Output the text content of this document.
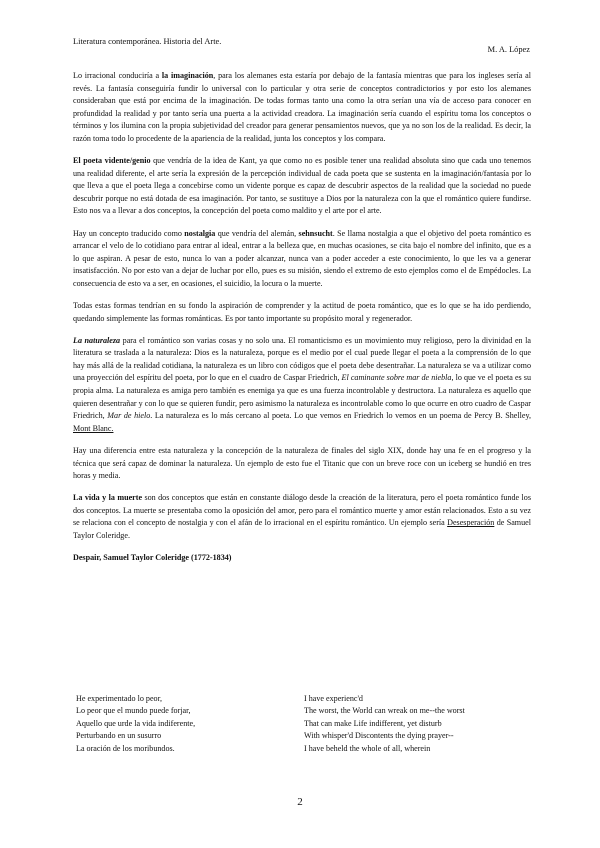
Literatura contemporánea. Historia del Arte.
M. A. López

Lo irracional conduciría a la imaginación, para los alemanes esta estaría por debajo de la fantasía mientras que para los ingleses sería al revés. La fantasía conseguiría fundir lo universal con lo particular y otra serie de conceptos contradictorios y por esto los alemanes consideraban que está por encima de la imaginación. De todas formas tanto una como la otra serían una vía de acceso para conocer en profundidad la realidad y por tanto sería una puerta a la actividad creadora. La imaginación sería cuando el espíritu toma los conceptos o términos y los ilumina con la propia subjetividad del creador para generar pensamientos nuevos, que ya no son los de la realidad. Es decir, la razón toma todo lo procedente de la apariencia de la realidad, junta los conceptos y los compara.

El poeta vidente/genio que vendría de la idea de Kant, ya que como no es posible tener una realidad absoluta sino que cada uno tenemos una realidad diferente, el arte sería la expresión de la percepción individual de cada poeta que se sustenta en la imaginación/fantasía por lo que lleva a que el poeta llega a concebirse como un vidente porque es capaz de descubrir aspectos de la realidad que la sociedad no puede descubrir porque no está dotada de esa imaginación. Por tanto, se sustituye a Dios por la naturaleza con la que el romántico quiere fundirse. Esto nos va a llevar a dos conceptos, la concepción del poeta como maldito y el arte por el arte.

Hay un concepto traducido como nostalgia que vendría del alemán, sehnsucht. Se llama nostalgia a que el objetivo del poeta romántico es arrancar el velo de lo cotidiano para entrar al ideal, entrar a la belleza que, en muchas ocasiones, se cita bajo el nombre del infinito, que es a lo que aspiran. A pesar de esto, nunca lo van a poder alcanzar, nunca van a poder acceder a este conocimiento, lo que les va a generar insatisfacción. No por esto van a dejar de luchar por ello, pues es su misión, siendo el extremo de esto ejemplos como el de Empédocles. La consecuencia de esto va a ser, en ocasiones, el suicidio, la locura o la muerte.

Todas estas formas tendrían en su fondo la aspiración de comprender y la actitud de poeta romántico, que es lo que se ha ido perdiendo, quedando simplemente las formas románticas. Es por tanto importante su propósito moral y regenerador.

La naturaleza para el romántico son varias cosas y no solo una. El romanticismo es un movimiento muy religioso, pero la divinidad en la literatura se traslada a la naturaleza: Dios es la naturaleza, porque es el medio por el cual puede llegar el poeta a la comprensión de lo que hay más allá de la realidad cotidiana, la naturaleza es un libro con códigos que el poeta debe desentrañar. La naturaleza se va a utilizar como una proyección del espíritu del poeta, por lo que en el cuadro de Caspar Friedrich, El caminante sobre mar de niebla, lo que ve el poeta es su propia alma. La naturaleza es amiga pero también es enemiga ya que es una fuerza incontrolable y destructora. La naturaleza es aquello que quieren desentrañar y con lo que se quieren fundir, pero asimismo la naturaleza es incontrolable como lo que ocurre en otro cuadro de Caspar Friedrich, Mar de hielo. La naturaleza es lo más cercano al poeta. Lo que vemos en Friedrich lo vemos en un poema de Percy B. Shelley, Mont Blanc.

Hay una diferencia entre esta naturaleza y la concepción de la naturaleza de finales del siglo XIX, donde hay una fe en el progreso y la técnica que será capaz de dominar la naturaleza. Un ejemplo de esto fue el Titanic que con un breve roce con un iceberg se hundió en tres horas y media.

La vida y la muerte son dos conceptos que están en constante diálogo desde la creación de la literatura, pero el poeta romántico funde los dos conceptos. La muerte se presentaba como la oposición del amor, pero para el romántico muerte y amor están relacionados. Esto a su vez se relaciona con el concepto de nostalgia y con el afán de lo irracional en el espíritu romántico. Un ejemplo sería Desesperación de Samuel Taylor Coleridge.

Despair, Samuel Taylor Coleridge (1772-1834)

He experimentado lo peor,
Lo peor que el mundo puede forjar,
Aquello que urde la vida indiferente,
Perturbando en un susurro
La oración de los moribundos.
I have experienc'd
The worst, the World can wreak on me--the worst
That can make Life indifferent, yet disturb
With whisper'd Discontents the dying prayer--
I have beheld the whole of all, wherein
2
